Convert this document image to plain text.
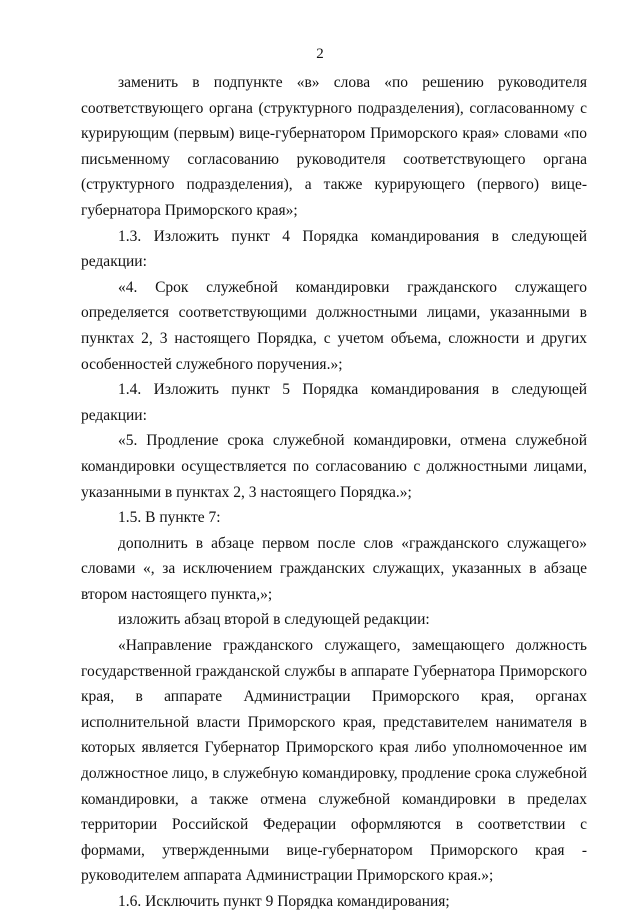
2

заменить в подпункте «в» слова «по решению руководителя соответствующего органа (структурного подразделения), согласованному с курирующим (первым) вице-губернатором Приморского края» словами «по письменному согласованию руководителя соответствующего органа (структурного подразделения), а также курирующего (первого) вице-губернатора Приморского края»;

1.3. Изложить пункт 4 Порядка командирования в следующей редакции:

«4. Срок служебной командировки гражданского служащего определяется соответствующими должностными лицами, указанными в пунктах 2, 3 настоящего Порядка, с учетом объема, сложности и других особенностей служебного поручения.»;

1.4. Изложить пункт 5 Порядка командирования в следующей редакции:

«5. Продление срока служебной командировки, отмена служебной командировки осуществляется по согласованию с должностными лицами, указанными в пунктах 2, 3 настоящего Порядка.»;

1.5. В пункте 7:

дополнить в абзаце первом после слов «гражданского служащего» словами «, за исключением гражданских служащих, указанных в абзаце втором настоящего пункта,»;

изложить абзац второй в следующей редакции:

«Направление гражданского служащего, замещающего должность государственной гражданской службы в аппарате Губернатора Приморского края, в аппарате Администрации Приморского края, органах исполнительной власти Приморского края, представителем нанимателя в которых является Губернатор Приморского края либо уполномоченное им должностное лицо, в служебную командировку, продление срока служебной командировки, а также отмена служебной командировки в пределах территории Российской Федерации оформляются в соответствии с формами, утвержденными вице-губернатором Приморского края - руководителем аппарата Администрации Приморского края.»;

1.6. Исключить пункт 9 Порядка командирования;
